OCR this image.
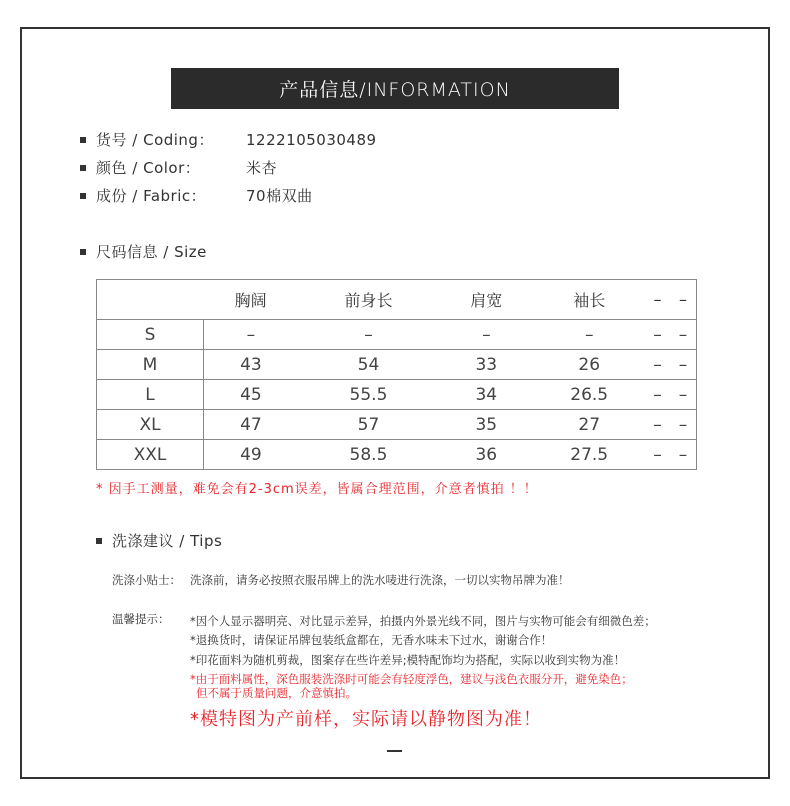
产品信息/INFORMATION
货号 / Coding：	1222105030489
颜色 / Color：	米杏
成份 / Fabric：	70棉双曲
尺码信息 / Size
	胸阔	前身长	肩宽	袖长	–	–
S	–	–	–	–	–	–
M	43	54	33	26	–	–
L	45	55.5	34	26.5	–	–
XL	47	57	35	27	–	–
XXL	49	58.5	36	27.5	–	–
* 因手工测量，难免会有2-3cm误差，皆属合理范围，介意者慎拍 ！！
洗涤建议 / Tips
洗涤小贴士： 洗涤前，请务必按照衣服吊牌上的洗水唛进行洗涤，一切以实物吊牌为准！
温馨提示： *因个人显示器明亮、对比显示差异，拍摄内外景光线不同，图片与实物可能会有细微色差；
*退换货时，请保证吊牌包装纸盒都在，无香水味未下过水，谢谢合作！
*印花面料为随机剪裁，图案存在些许差异;模特配饰均为搭配，实际以收到实物为准！
*由于面料属性，深色服装洗涤时可能会有轻度浮色，建议与浅色衣服分开，避免染色；
但不属于质量问题，介意慎拍。
*模特图为产前样，实际请以静物图为准！
